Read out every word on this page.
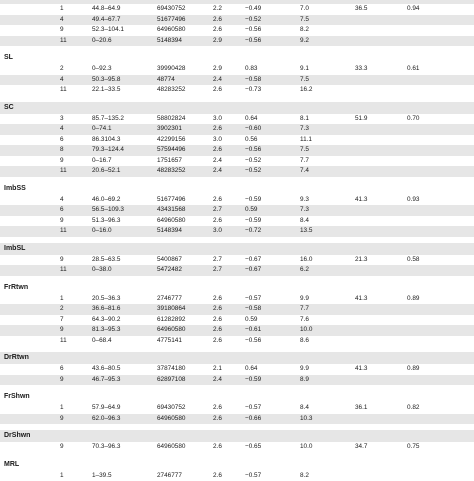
1	44.8–64.9	69430752	2.2	−0.49	7.0	36.5	0.94
4	49.4–67.7	51677496	2.6	−0.52	7.5
9	52.3–104.1	64960580	2.6	−0.56	8.2
11	0–20.6	5148394	2.9	−0.56	9.2
SL
2	0–92.3	39990428	2.9	0.83	9.1	33.3	0.61
4	50.3–95.8	48774	2.4	−0.58	7.5
11	22.1–33.5	48283252	2.6	−0.73	16.2
SC
3	85.7–135.2	58802824	3.0	0.64	8.1	51.9	0.70
4	0–74.1	3902301	2.6	−0.60	7.3
6	86.3104.3	42299156	3.0	0.56	11.1
8	79.3–124.4	57594496	2.6	−0.56	7.5
9	0–16.7	1751657	2.4	−0.52	7.7
11	20.6–52.1	48283252	2.4	−0.52	7.4
ImbSS
4	46.0–69.2	51677496	2.6	−0.59	9.3	41.3	0.93
6	56.5–109.3	43431568	2.7	0.59	7.3
9	51.3–96.3	64960580	2.6	−0.59	8.4
11	0–16.0	5148394	3.0	−0.72	13.5
ImbSL
9	28.5–63.5	5400867	2.7	−0.67	16.0	21.3	0.58
11	0–38.0	5472482	2.7	−0.67	6.2
FrRtwn
1	20.5–36.3	2746777	2.6	−0.57	9.9	41.3	0.89
2	36.6–81.6	39180864	2.6	−0.58	7.7
7	64.3–90.2	61282892	2.6	0.59	7.6
9	81.3–95.3	64960580	2.6	−0.61	10.0
11	0–68.4	4775141	2.6	−0.56	8.6
DrRtwn
6	43.6–80.5	37874180	2.1	0.64	9.9	41.3	0.89
9	46.7–95.3	62897108	2.4	−0.59	8.9
FrShwn
1	57.9–64.9	69430752	2.6	−0.57	8.4	36.1	0.82
9	62.0–96.3	64960580	2.6	−0.66	10.3
DrShwn
9	70.3–96.3	64960580	2.6	−0.65	10.0	34.7	0.75
MRL
1	1–39.5	2746777	2.6	−0.57	8.2
